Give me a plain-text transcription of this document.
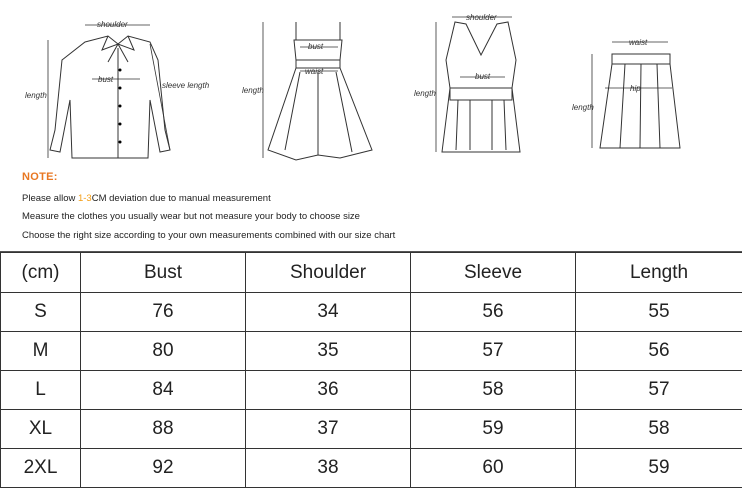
shoulder
bust
sleeve length
length
bust
waist
length
shoulder
bust
length
waist
hip
length
NOTE:
Please allow 1-3CM deviation due to manual measurement
Measure the clothes you usually wear but not measure your body to choose size
Choose the right size according to your own measurements combined with our size chart
(cm)	Bust	Shoulder	Sleeve	Length
S	76	34	56	55
M	80	35	57	56
L	84	36	58	57
XL	88	37	59	58
2XL	92	38	60	59
